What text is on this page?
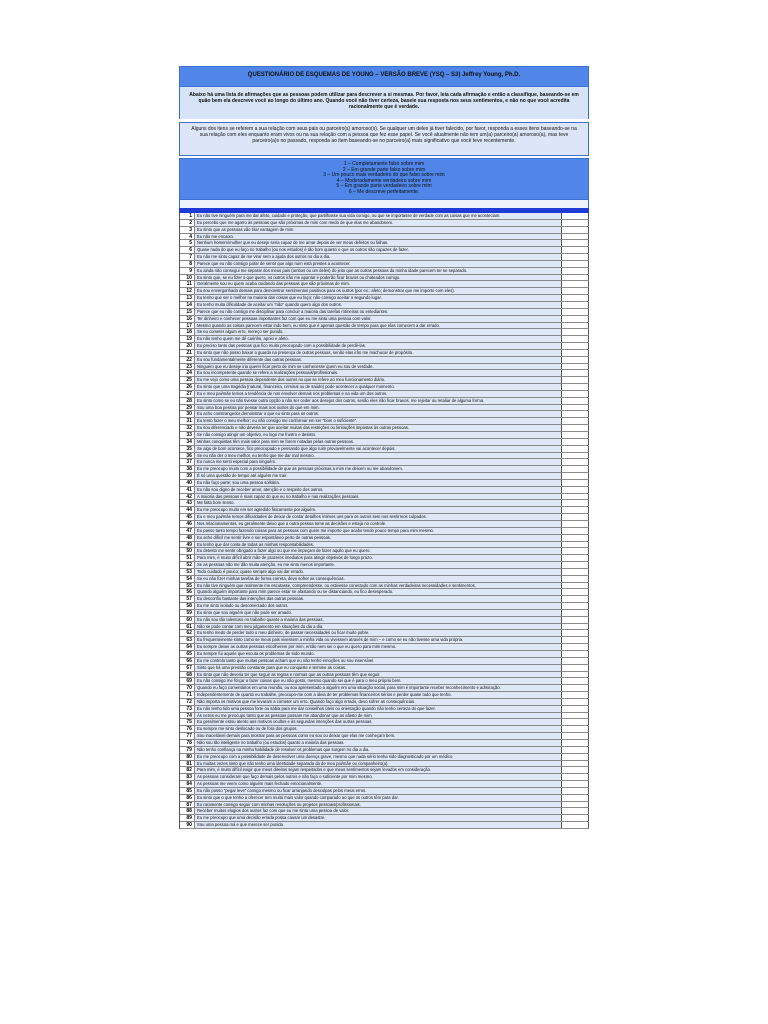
QUESTIONÁRIO DE ESQUEMAS DE YOUNG – VERSÃO BREVE (YSQ – S3) Jeffrey Young, Ph.D.
Abaixo há uma lista de afirmações que as pessoas podem utilizar para descrever a si mesmas. Por favor, leia cada afirmação e então a classifique, baseando-se em quão bem ela descreve você ao longo do último ano. Quando você não tiver certeza, baseie sua resposta nos seus sentimentos, e não no que você acredita racionalmente que é verdade.
Alguns dos itens se referem a sua relação com seus pais ou parceiro(s) amoroso(s). Se qualquer um deles já tiver falecido, por favor, responda a esses itens baseando-se na sua relação com eles enquanto eram vivos ou na sua relação com a pessoa que fez esse papel. Se você atualmente não tem um(a) parceiro(a) amoroso(a), mas teve parceiro(a)s no passado, responda ao item baseando-se no parceiro(a) mais significativo que você teve recentemente.
1 – Completamente falso sobre mim
2 – Em grande parte falso sobre mim
3 – Um pouco mais verdadeiro do que falso sobre mim
4 – Moderadamente verdadeiro sobre mim
5 – Em grande parte verdadeiro sobre mim
6 – Me descreve perfeitamente.
1	Eu não tive ninguém para me dar afeto, cuidado e proteção, que partilhasse sua vida comigo, ou que se importasse de verdade com as coisas que me aconteciam.
2	Eu percebo que me agarro às pessoas que são próximas de mim com medo de que elas me abandonem.
3	Eu sinto que as pessoas vão tirar vantagem de mim.
4	Eu não me encaixo.
5	Nenhum homem/mulher que eu deseje seria capaz de me amar depois de ver meus defeitos ou falhas.
6	Quase nada do que eu faço no trabalho (ou nos estudos) é tão bom quanto o que os outros são capazes de fazer.
7	Eu não me sinto capaz de me virar sem a ajuda dos outros no dia a dia.
8	Parece que eu não consigo parar de sentir que algo ruim está prestes a acontecer.
9	Eu ainda não consegui me separar dos meus pais (ambos ou um deles) do jeito que as outras pessoas da minha idade parecem ter se separado.
10	Eu sinto que, se eu fizer o que quero, os outros irão me apontar e poderão ficar bravos ou chateados comigo.
11	Geralmente sou eu quem acaba cuidando das pessoas que são próximas de mim.
12	Eu sou envergonhado demais para demonstrar sentimentos positivos para os outros (por ex.: afeto; demonstrar que me importo com eles).
13	Eu tenho que ser o melhor na maioria das coisas que eu faço; não consigo aceitar o segundo lugar.
14	Eu tenho muita dificuldade de aceitar um "não" quando quero algo dos outros.
15	Parece que eu não consigo me disciplinar para concluir a maioria das tarefas rotineiras ou entediantes.
16	Ter dinheiro e conhecer pessoas importantes faz com que eu me sinta uma pessoa com valor.
17	Mesmo quando as coisas parecem estar indo bem, eu sinto que é apenas questão de tempo para que elas comecem a dar errado.
18	Se eu cometer algum erro, mereço ser punido.
19	Eu não tenho quem me dê carinho, apoio e afeto.
20	Eu preciso tanto das pessoas que fico muito preocupado com a possibilidade de perdê-las.
21	Eu sinto que não posso baixar a guarda na presença de outras pessoas, senão elas irão me machucar de propósito.
22	Eu sou fundamentalmente diferente das outras pessoas.
23	Ninguém que eu deseje iria querer ficar perto de mim se conhecesse quem eu sou de verdade.
24	Eu sou incompetente quando se refere a realizações pessoais/profissionais.
25	Eu me vejo como uma pessoa dependente dos outros no que se refere ao meu funcionamento diário.
26	Eu sinto que uma tragédia (natural, financeira, criminal ou de saúde) pode acontecer a qualquer momento.
27	Eu e meu pai/mãe temos a tendência de nos envolver demais nos problemas e na vida um dos outros.
28	Eu sinto como se eu não tivesse outra opção a não ser ceder aos desejos dos outros, senão eles irão ficar bravos, me rejeitar ou retaliar de alguma forma.
29	Sou uma boa pessoa por pensar mais nos outros do que em mim.
30	Eu acho constrangedor demonstrar o que eu sinto para os outros.
31	Eu tento fazer o meu melhor; eu não consigo me conformar em ser "bom o suficiente".
32	Eu sou diferenciado e não deveria ter que aceitar muitas das restrições ou limitações impostas às outras pessoas.
33	Se não consigo atingir um objetivo, eu logo me frustro e desisto.
34	Minhas conquistas têm mais valor para mim se forem notadas pelas outras pessoas.
35	Se algo de bom acontece, fico preocupado e pensando que algo ruim provavelmente vai acontecer depois.
36	Se eu não der o meu melhor, eu tenho que me dar mal mesmo.
37	Eu nunca me senti especial para ninguém.
38	Eu me preocupo muito com a possibilidade de que as pessoas próximas a mim me deixem ou me abandonem.
39	É só uma questão de tempo até alguém me trair.
40	Eu não faço parte; sou uma pessoa solitária.
41	Eu não sou digno de receber amor, atenção e o respeito dos outros.
42	A maioria das pessoas é mais capaz do que eu no trabalho e nas realizações pessoais.
43	Me falta bom senso.
44	Eu me preocupo muito em ser agredido fisicamente por alguém.
45	Eu e meu pai/mãe temos dificuldades de deixar de contar detalhes íntimos uns para os outros sem nos sentirmos culpados.
46	Nos relacionamentos, eu geralmente deixo que a outra pessoa tome as decisões e esteja no controle.
47	Eu passo tanto tempo fazendo coisas para as pessoas com quem me importo que acabo tendo pouco tempo para mim mesmo.
48	Eu acho difícil me sentir livre e ser espontâneo perto de outras pessoas.
49	Eu tenho que dar conta de todas as minhas responsabilidades.
50	Eu detesto me sentir obrigado a fazer algo ou que me impeçam de fazer aquilo que eu quero.
51	Para mim, é muito difícil abrir mão de prazeres imediatos para atingir objetivos de longo prazo.
52	Se as pessoas não me dão muita atenção, eu me sinto menos importante.
53	Todo cuidado é pouco; quase sempre algo vai dar errado.
54	Se eu não fizer minhas tarefas de forma correta, devo sofrer as consequências.
55	Eu não tive ninguém que realmente me escutasse, compreendesse, ou estivesse conectado com as minhas verdadeiras necessidades e sentimentos.
56	Quando alguém importante para mim parece estar se afastando ou se distanciando, eu fico desesperado.
57	Eu desconfio bastante das intenções das outras pessoas.
58	Eu me sinto isolado ou desconectado dos outros.
59	Eu sinto que sou alguém que não pode ser amado.
60	Eu não sou tão talentoso no trabalho quanto a maioria das pessoas.
61	Não se pode contar com meu julgamento em situações do dia a dia.
62	Eu tenho medo de perder todo o meu dinheiro, de passar necessidades ou ficar muito pobre.
63	Eu frequentemente sinto como se meus pais vivessem a minha vida ou vivessem através de mim – e como se eu não tivesse uma vida própria.
64	Eu sempre deixei as outras pessoas escolherem por mim, então nem sei o que eu quero para mim mesmo.
65	Eu sempre fui aquele que escuta os problemas de todo mundo.
66	Eu me controlo tanto que muitas pessoas acham que eu não tenho emoções ou sou insensível.
67	Sinto que há uma pressão constante para que eu conquiste e termine as coisas.
68	Eu sinto que não deveria ter que seguir as regras e normas que as outras pessoas têm que seguir.
69	Eu não consigo me forçar a fazer coisas que eu não gosto, mesmo quando sei que é para o meu próprio bem.
70	Quando eu faço comentários em uma reunião, ou sou apresentado a alguém em uma situação social, para mim é importante receber reconhecimento e admiração.
71	Independentemente de quanto eu trabalhe, preocupo-me com a ideia de ter problemas financeiros sérios e perder quase tudo que tenho.
72	Não importa os motivos que me levaram a cometer um erro. Quando faço algo errado, devo sofrer as consequências.
73	Eu não tenho tido uma pessoa forte ou sábia para me dar conselhos úteis ou orientação quando não tenho certeza do que fazer.
74	Às vezes eu me preocupo tanto que as pessoas possam me abandonar que as afasto de mim.
75	Eu geralmente estou atento aos motivos ocultos e às segundas intenções das outras pessoas.
76	Eu sempre me sinto deslocado ou de fora dos grupos.
77	Sou inaceitável demais para mostrar para as pessoas como eu sou ou deixar que elas me conheçam bem.
78	Não sou tão inteligente no trabalho (ou estudos) quanto a maioria das pessoas.
79	Não tenho confiança na minha habilidade de resolver os problemas que surgem no dia a dia.
80	Eu me preocupo com a possibilidade de desenvolver uma doença grave, mesmo que nada sério tenha sido diagnosticado por um médico.
81	Eu muitas vezes sinto que não tenho uma identidade separada da de meu pai/mãe ou companheiro(a).
82	Para mim, é muito difícil exigir que meus direitos sejam respeitados e que meus sentimentos sejam levados em consideração.
83	As pessoas consideram que faço demais pelos outros e não faço o suficiente por mim mesmo.
84	As pessoas me veem como alguém mais fechado emocionalmente.
85	Eu não posso "pegar leve" comigo mesmo ou ficar arranjando desculpas pelos meus erros.
86	Eu sinto que o que tenho a oferecer tem muito mais valor quando comparado ao que os outros têm para dar.
87	Eu raramente consigo seguir com minhas resoluções ou projetos pessoais/profissionais.
88	Receber muitos elogios dos outros faz com que eu me sinta uma pessoa de valor.
89	Eu me preocupo que uma decisão errada possa causar um desastre.
90	Sou uma pessoa má e que merece ser punida.
